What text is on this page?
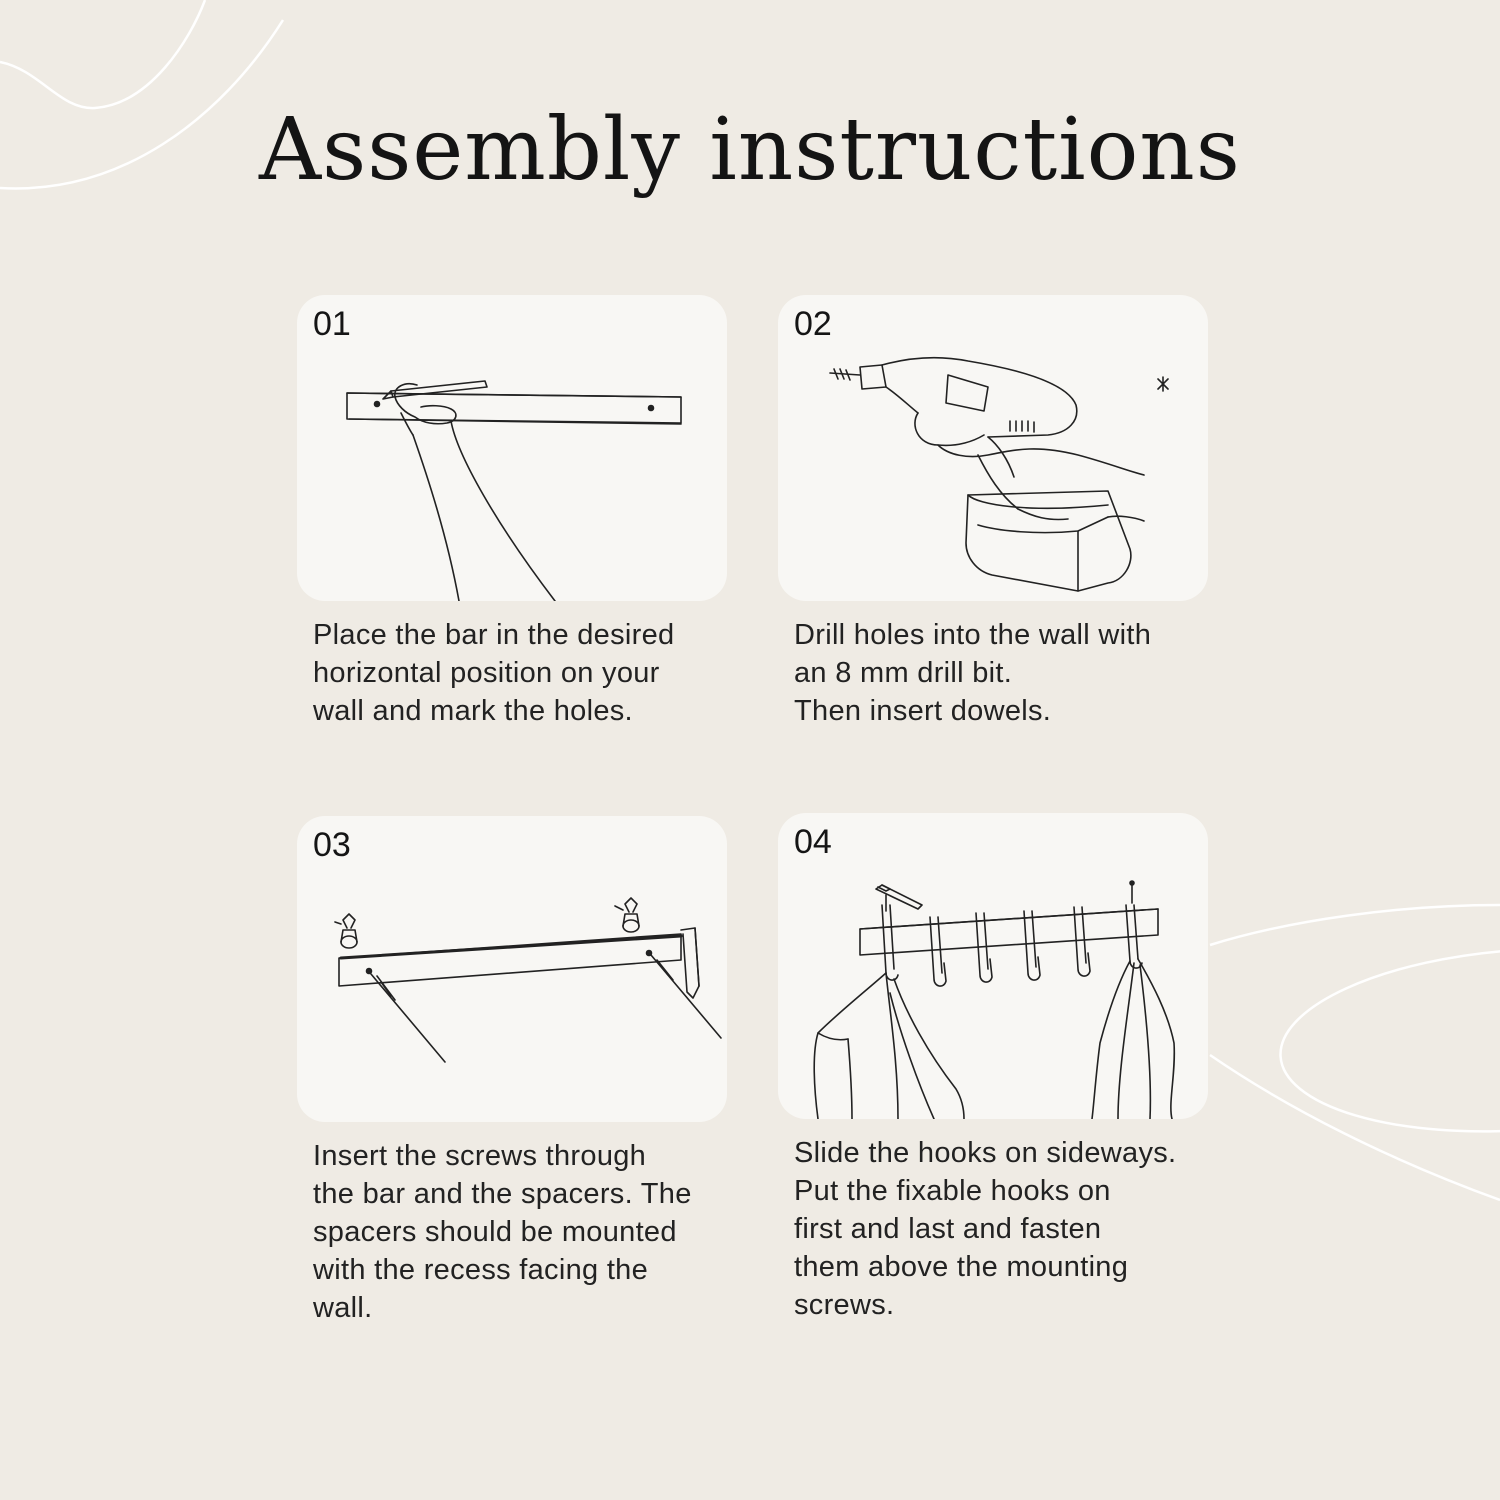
Assembly instructions
01

Place the bar in the desired
horizontal position on your
wall and mark the holes.

02

Drill holes into the wall with
an 8 mm drill bit.
Then insert dowels.

03

Insert the screws through
the bar and the spacers. The
spacers should be mounted
with the recess facing the
wall.

04

Slide the hooks on sideways.
Put the fixable hooks on
first and last and fasten
them above the mounting
screws.
